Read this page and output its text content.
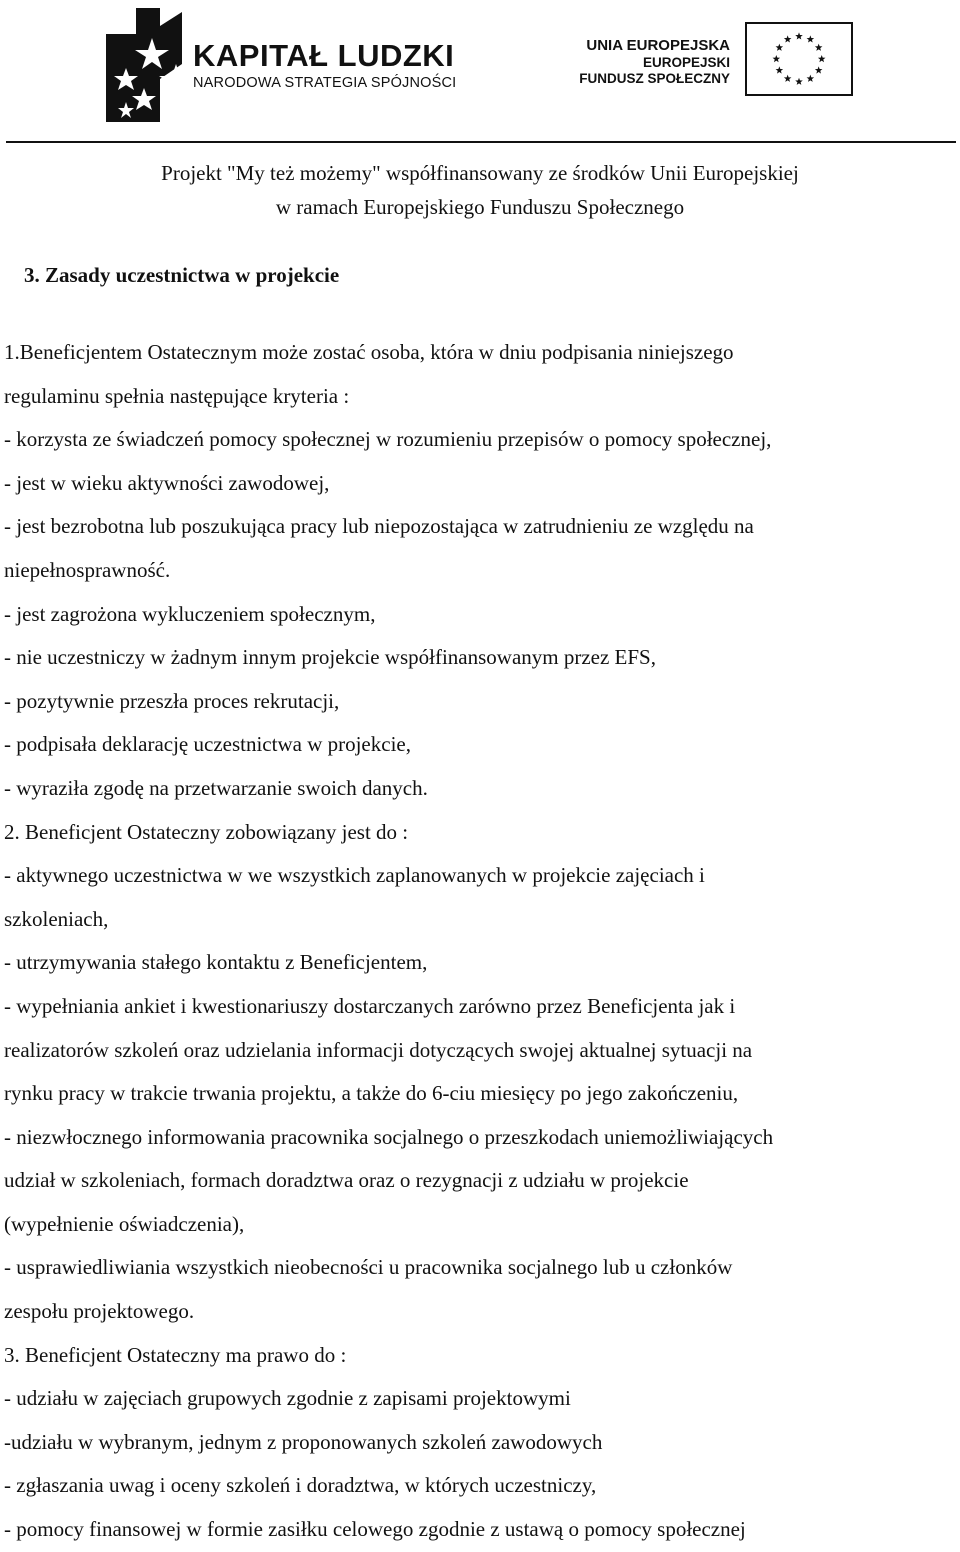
KAPITAŁ LUDZKI
NARODOWA STRATEGIA SPÓJNOŚCI
UNIA EUROPEJSKA
EUROPEJSKI
FUNDUSZ SPOŁECZNY
Projekt "My też możemy" współfinansowany ze środków Unii Europejskiej
w ramach Europejskiego Funduszu Społecznego
3. Zasady uczestnictwa w projekcie
1.Beneficjentem Ostatecznym może zostać osoba, która w dniu podpisania niniejszego
regulaminu spełnia następujące kryteria :
- korzysta ze świadczeń pomocy społecznej w rozumieniu przepisów o pomocy społecznej,
- jest w wieku aktywności zawodowej,
- jest bezrobotna lub poszukująca pracy lub niepozostająca w zatrudnieniu ze względu na
niepełnosprawność.
- jest zagrożona wykluczeniem społecznym,
- nie uczestniczy w żadnym innym projekcie współfinansowanym przez EFS,
- pozytywnie przeszła proces rekrutacji,
- podpisała deklarację uczestnictwa w projekcie,
- wyraziła zgodę na przetwarzanie swoich danych.
2. Beneficjent Ostateczny zobowiązany jest do :
- aktywnego uczestnictwa w we wszystkich zaplanowanych w projekcie zajęciach i
szkoleniach,
- utrzymywania stałego kontaktu z Beneficjentem,
- wypełniania ankiet i kwestionariuszy dostarczanych zarówno przez Beneficjenta jak i
realizatorów szkoleń oraz udzielania informacji dotyczących swojej aktualnej sytuacji na
rynku pracy w trakcie trwania projektu, a także do 6-ciu miesięcy po jego zakończeniu,
- niezwłocznego informowania pracownika socjalnego o przeszkodach uniemożliwiających
udział w szkoleniach, formach doradztwa oraz o rezygnacji z udziału w projekcie
(wypełnienie oświadczenia),
- usprawiedliwiania wszystkich nieobecności u pracownika socjalnego lub u członków
zespołu projektowego.
3. Beneficjent Ostateczny ma prawo do :
- udziału w zajęciach grupowych zgodnie z zapisami projektowymi
-udziału w wybranym, jednym z proponowanych szkoleń zawodowych
- zgłaszania uwag i oceny szkoleń i doradztwa, w których uczestniczy,
- pomocy finansowej w formie zasiłku celowego zgodnie z ustawą o pomocy społecznej
